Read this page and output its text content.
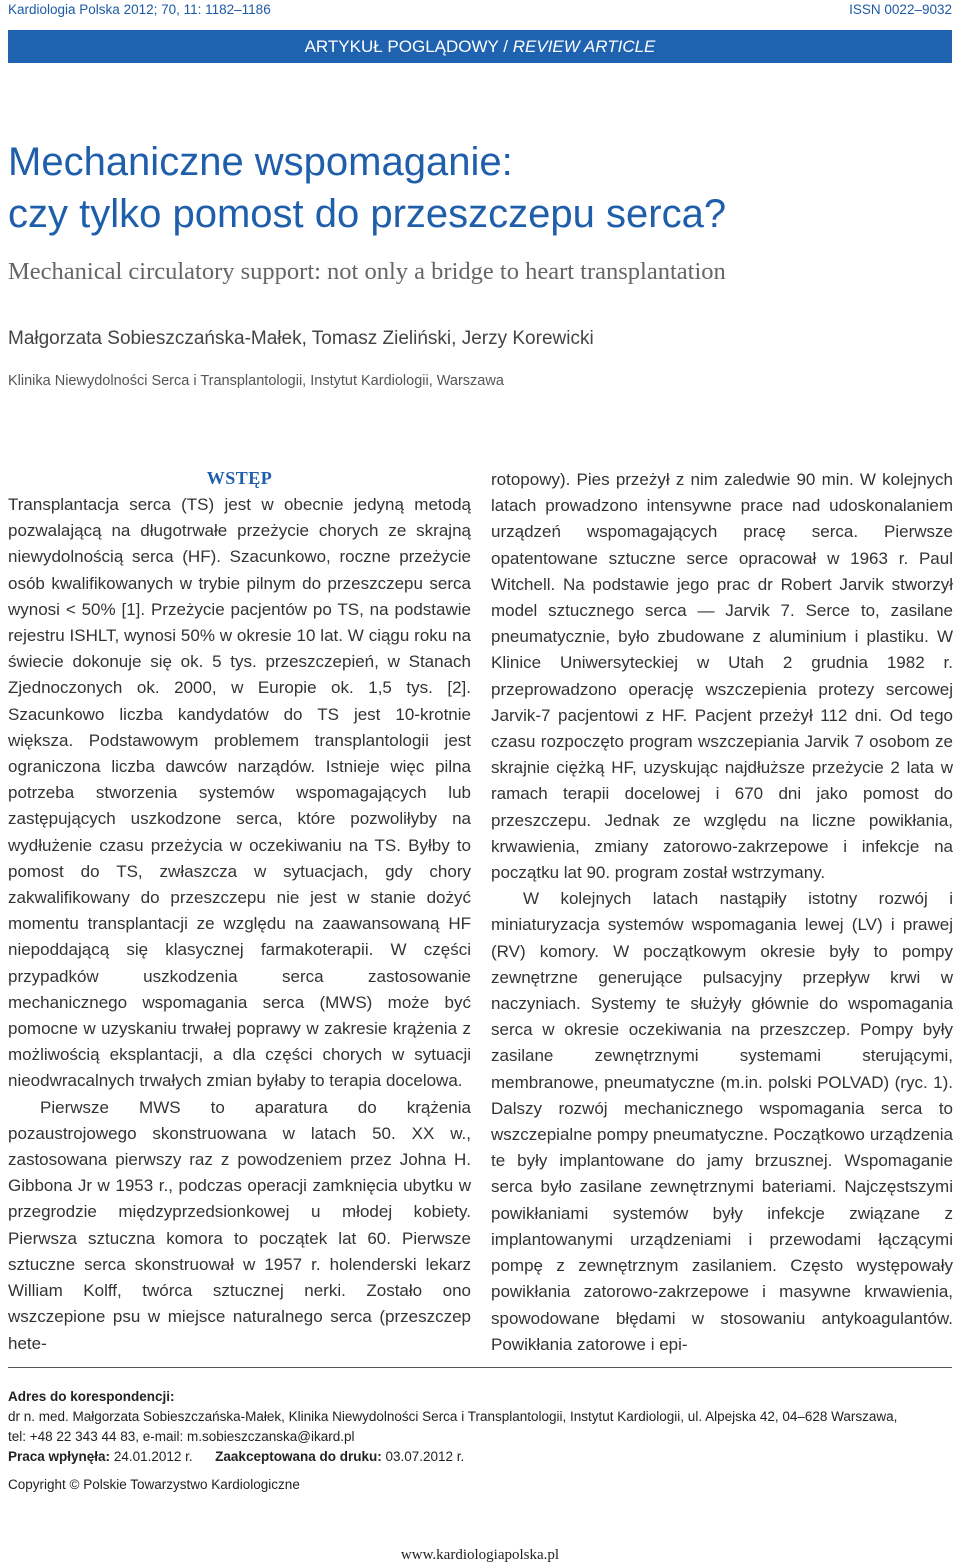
Kardiologia Polska 2012; 70, 11: 1182–1186	ISSN 0022–9032
ARTYKUŁ POGLĄDOWY / REVIEW ARTICLE
Mechaniczne wspomaganie:
czy tylko pomost do przeszczepu serca?
Mechanical circulatory support: not only a bridge to heart transplantation
Małgorzata Sobieszczańska-Małek, Tomasz Zieliński, Jerzy Korewicki
Klinika Niewydolności Serca i Transplantologii, Instytut Kardiologii, Warszawa
WSTĘP

Transplantacja serca (TS) jest w obecnie jedyną metodą pozwalającą na długotrwałe przeżycie chorych ze skrajną niewydolnością serca (HF). Szacunkowo, roczne przeżycie osób kwalifikowanych w trybie pilnym do przeszczepu serca wynosi < 50% [1]. Przeżycie pacjentów po TS, na podstawie rejestru ISHLT, wynosi 50% w okresie 10 lat. W ciągu roku na świecie dokonuje się ok. 5 tys. przeszczepień, w Stanach Zjednoczonych ok. 2000, w Europie ok. 1,5 tys. [2]. Szacunkowo liczba kandydatów do TS jest 10-krotnie większa. Podstawowym problemem transplantologii jest ograniczona liczba dawców narządów. Istnieje więc pilna potrzeba stworzenia systemów wspomagających lub zastępujących uszkodzone serca, które pozwoliłyby na wydłużenie czasu przeżycia w oczekiwaniu na TS. Byłby to pomost do TS, zwłaszcza w sytuacjach, gdy chory zakwalifikowany do przeszczepu nie jest w stanie dożyć momentu transplantacji ze względu na zaawansowaną HF niepoddającą się klasycznej farmakoterapii. W części przypadków uszkodzenia serca zastosowanie mechanicznego wspomagania serca (MWS) może być pomocne w uzyskaniu trwałej poprawy w zakresie krążenia z możliwością eksplantacji, a dla części chorych w sytuacji nieodwracalnych trwałych zmian byłaby to terapia docelowa.

Pierwsze MWS to aparatura do krążenia pozaustrojowego skonstruowana w latach 50. XX w., zastosowana pierwszy raz z powodzeniem przez Johna H. Gibbona Jr w 1953 r., podczas operacji zamknięcia ubytku w przegrodzie międzyprzedsionkowej u młodej kobiety. Pierwsza sztuczna komora to początek lat 60. Pierwsze sztuczne serca skonstruował w 1957 r. holenderski lekarz William Kolff, twórca sztucznej nerki. Zostało ono wszczepione psu w miejsce naturalnego serca (przeszczep hete-

rotopowy). Pies przeżył z nim zaledwie 90 min. W kolejnych latach prowadzono intensywne prace nad udoskonalaniem urządzeń wspomagających pracę serca. Pierwsze opatentowane sztuczne serce opracował w 1963 r. Paul Witchell. Na podstawie jego prac dr Robert Jarvik stworzył model sztucznego serca — Jarvik 7. Serce to, zasilane pneumatycznie, było zbudowane z aluminium i plastiku. W Klinice Uniwersyteckiej w Utah 2 grudnia 1982 r. przeprowadzono operację wszczepienia protezy sercowej Jarvik-7 pacjentowi z HF. Pacjent przeżył 112 dni. Od tego czasu rozpoczęto program wszczepiania Jarvik 7 osobom ze skrajnie ciężką HF, uzyskując najdłuższe przeżycie 2 lata w ramach terapii docelowej i 670 dni jako pomost do przeszczepu. Jednak ze względu na liczne powikłania, krwawienia, zmiany zatorowo-zakrzepowe i infekcje na początku lat 90. program został wstrzymany.

W kolejnych latach nastąpiły istotny rozwój i miniaturyzacja systemów wspomagania lewej (LV) i prawej (RV) komory. W początkowym okresie były to pompy zewnętrzne generujące pulsacyjny przepływ krwi w naczyniach. Systemy te służyły głównie do wspomagania serca w okresie oczekiwania na przeszczep. Pompy były zasilane zewnętrznymi systemami sterującymi, membranowe, pneumatyczne (m.in. polski POLVAD) (ryc. 1). Dalszy rozwój mechanicznego wspomagania serca to wszczepialne pompy pneumatyczne. Początkowo urządzenia te były implantowane do jamy brzusznej. Wspomaganie serca było zasilane zewnętrznymi bateriami. Najczęstszymi powikłaniami systemów były infekcje związane z implantowanymi urządzeniami i przewodami łączącymi pompę z zewnętrznym zasilaniem. Często występowały powikłania zatorowo-zakrzepowe i masywne krwawienia, spowodowane błędami w stosowaniu antykoagulantów. Powikłania zatorowe i epi-

Adres do korespondencji:
dr n. med. Małgorzata Sobieszczańska-Małek, Klinika Niewydolności Serca i Transplantologii, Instytut Kardiologii, ul. Alpejska 42, 04–628 Warszawa,
tel: +48 22 343 44 83, e-mail: m.sobieszczanska@ikard.pl
Praca wpłynęła: 24.01.2012 r. Zaakceptowana do druku: 03.07.2012 r.
Copyright © Polskie Towarzystwo Kardiologiczne
www.kardiologiapolska.pl
